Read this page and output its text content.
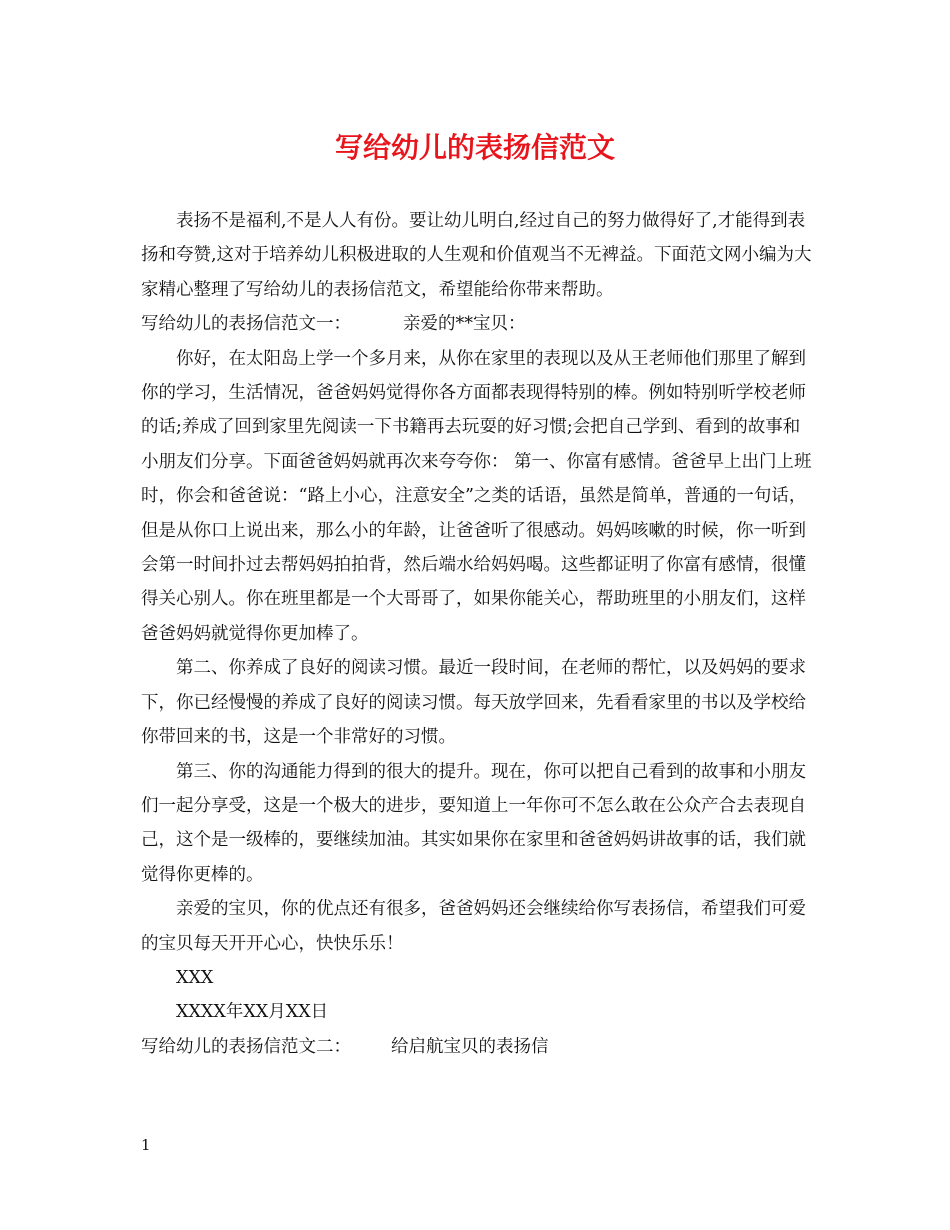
写给幼儿的表扬信范文

表扬不是福利,不是人人有份。要让幼儿明白,经过自己的努力做得好了,才能得到表扬和夸赞,这对于培养幼儿积极进取的人生观和价值观当不无裨益。下面范文网小编为大家精心整理了写给幼儿的表扬信范文，希望能给你带来帮助。

写给幼儿的表扬信范文一：	亲爱的**宝贝：

你好，在太阳岛上学一个多月来，从你在家里的表现以及从王老师他们那里了解到你的学习，生活情况，爸爸妈妈觉得你各方面都表现得特别的棒。例如特别听学校老师的话;养成了回到家里先阅读一下书籍再去玩耍的好习惯;会把自己学到、看到的故事和小朋友们分享。下面爸爸妈妈就再次来夸夸你： 第一、你富有感情。爸爸早上出门上班时，你会和爸爸说：“路上小心，注意安全”之类的话语，虽然是简单，普通的一句话，但是从你口上说出来，那么小的年龄，让爸爸听了很感动。妈妈咳嗽的时候，你一听到会第一时间扑过去帮妈妈拍拍背，然后端水给妈妈喝。这些都证明了你富有感情，很懂得关心别人。你在班里都是一个大哥哥了，如果你能关心，帮助班里的小朋友们，这样爸爸妈妈就觉得你更加棒了。

第二、你养成了良好的阅读习惯。最近一段时间，在老师的帮忙，以及妈妈的要求下，你已经慢慢的养成了良好的阅读习惯。每天放学回来，先看看家里的书以及学校给你带回来的书，这是一个非常好的习惯。

第三、你的沟通能力得到的很大的提升。现在，你可以把自己看到的故事和小朋友们一起分享受，这是一个极大的进步，要知道上一年你可不怎么敢在公众产合去表现自己，这个是一级棒的，要继续加油。其实如果你在家里和爸爸妈妈讲故事的话，我们就觉得你更棒的。

亲爱的宝贝，你的优点还有很多，爸爸妈妈还会继续给你写表扬信，希望我们可爱的宝贝每天开开心心，快快乐乐！

XXX

XXXX年XX月XX日

写给幼儿的表扬信范文二： 给启航宝贝的表扬信

1
